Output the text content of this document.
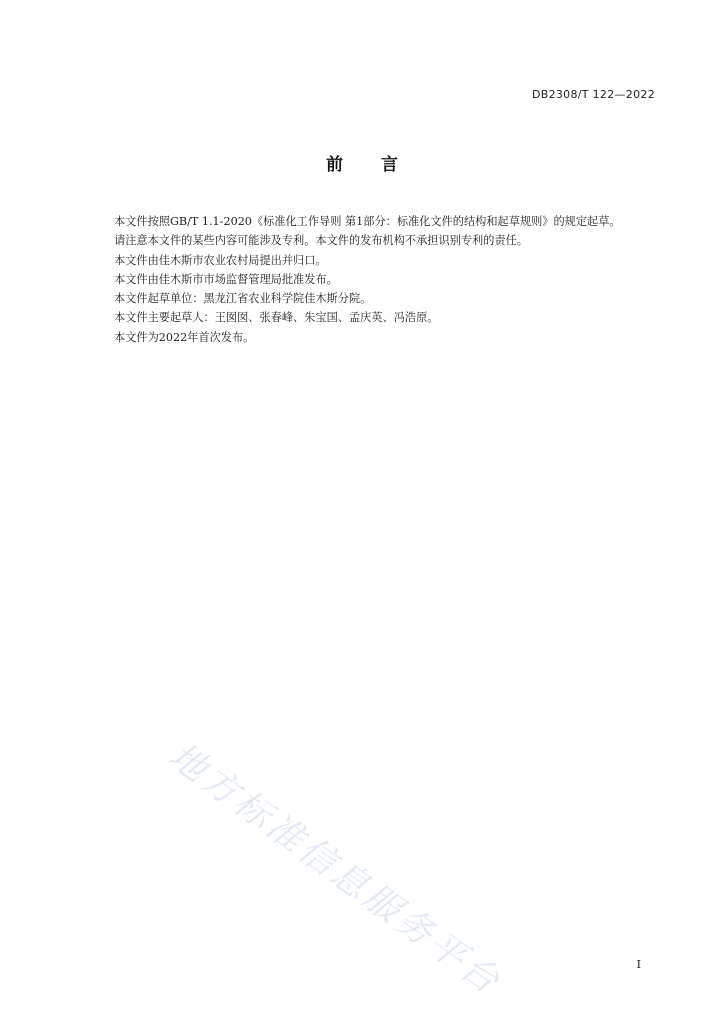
DB2308/T 122—2022
前 言

本文件按照GB/T 1.1-2020《标准化工作导则 第1部分：标准化文件的结构和起草规则》的规定起草。

请注意本文件的某些内容可能涉及专利。本文件的发布机构不承担识别专利的责任。

本文件由佳木斯市农业农村局提出并归口。

本文件由佳木斯市市场监督管理局批准发布。

本文件起草单位：黑龙江省农业科学院佳木斯分院。

本文件主要起草人：王囡囡、张春峰、朱宝国、孟庆英、冯浩原。

本文件为2022年首次发布。

地方标准信息服务平台	I
